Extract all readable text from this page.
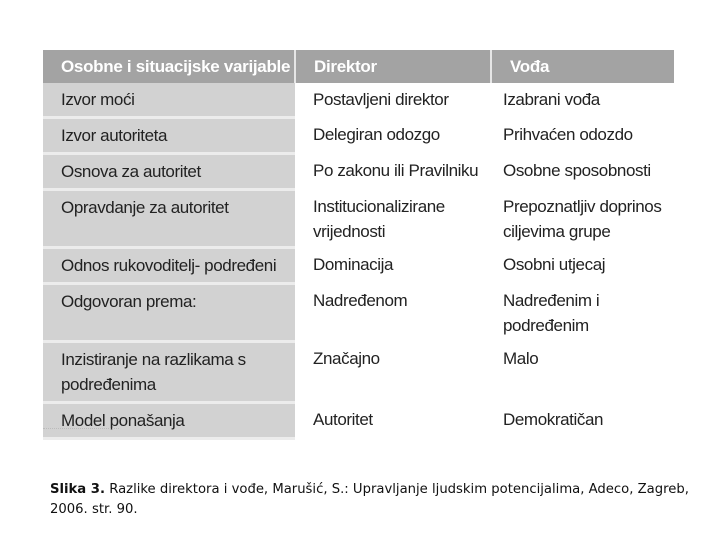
Osobne i situacijske varijable	Direktor	Vođa
Izvor moći	Postavljeni direktor	Izabrani vođa
Izvor autoriteta	Delegiran odozgo	Prihvaćen odozdo
Osnova za autoritet	Po zakonu ili Pravilniku	Osobne sposobnosti
Opravdanje za autoritet	Institucionalizirane vrijednosti	Prepoznatljiv doprinos ciljevima grupe
Odnos rukovoditelj- podređeni	Dominacija	Osobni utjecaj
Odgovoran prema:	Nadređenom	Nadređenim i podređenim
Inzistiranje na razlikama s podređenima	Značajno	Malo
Model ponašanja	Autoritet	Demokratičan
Slika 3. Razlike direktora i vođe, Marušić, S.: Upravljanje ljudskim potencijalima, Adeco, Zagreb, 2006. str. 90.
